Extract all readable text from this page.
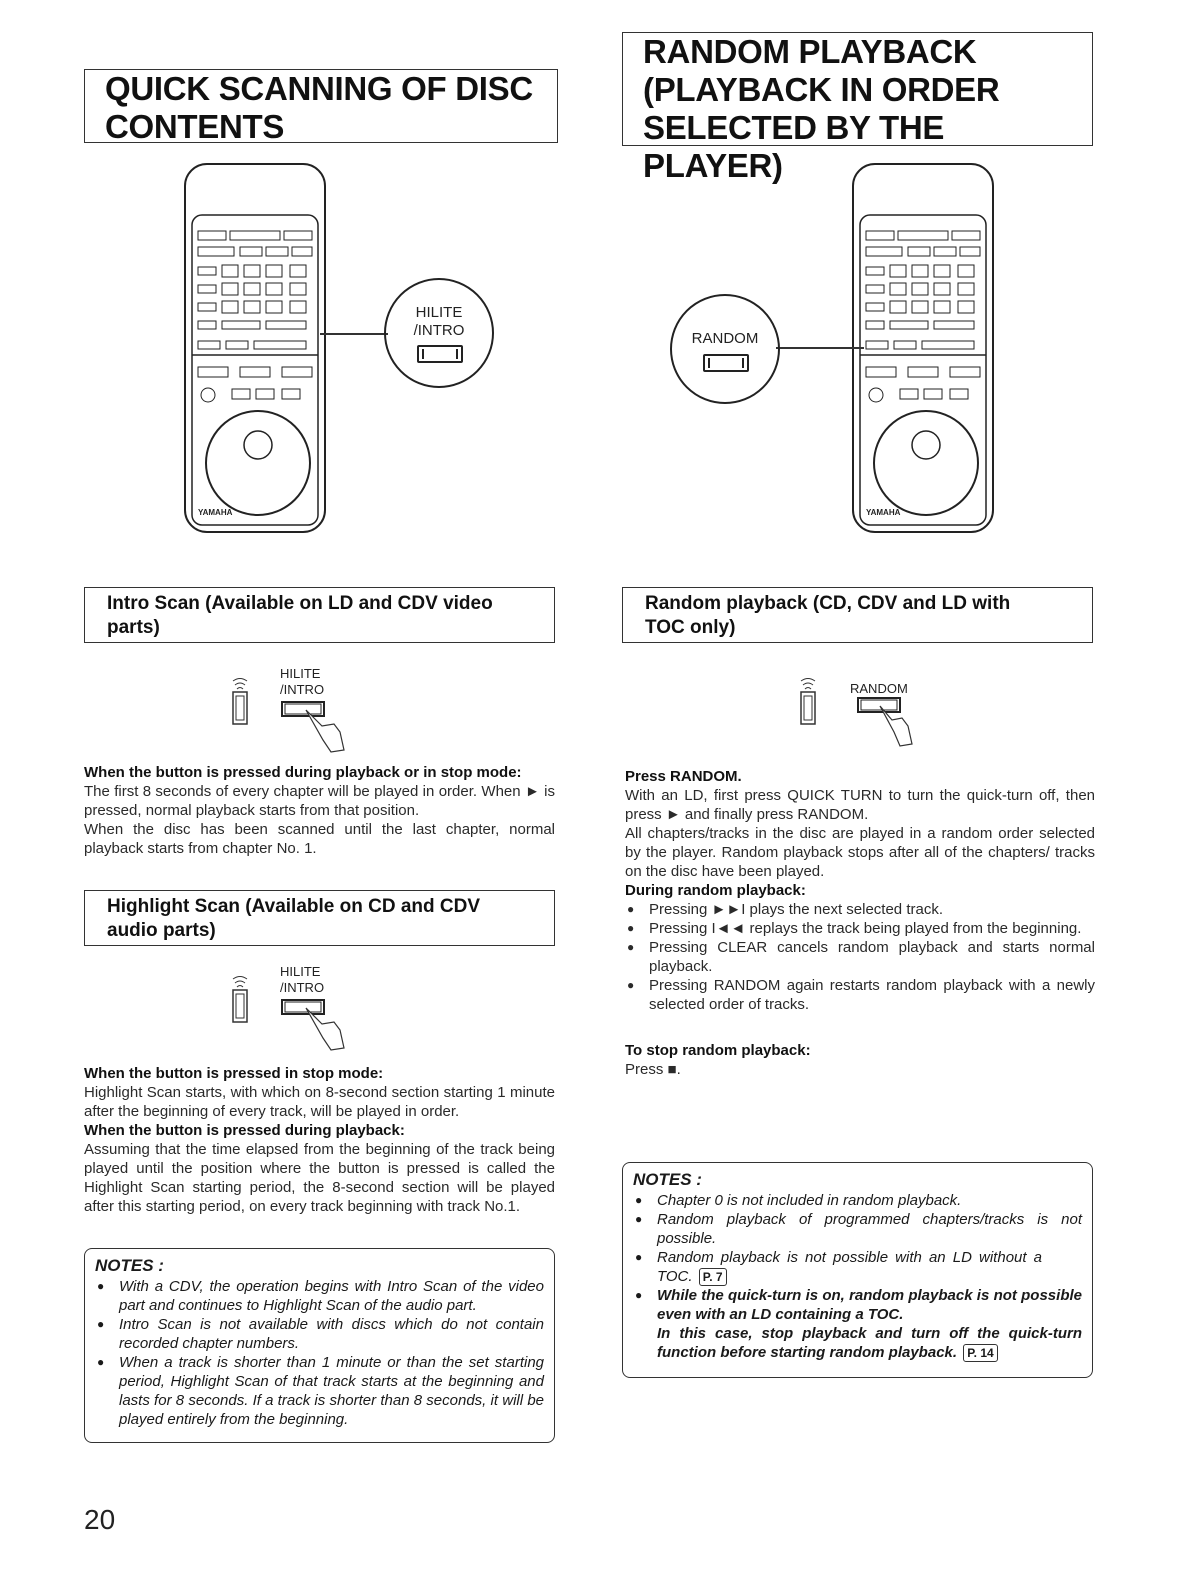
QUICK SCANNING OF DISC
CONTENTS
YAMAHA
HILITE
/INTRO
Intro Scan (Available on LD and CDV video
parts)
HILITE
/INTRO
When the button is pressed during playback or in stop mode:
The first 8 seconds of every chapter will be played in order. When ► is pressed, normal playback starts from that position.
When the disc has been scanned until the last chapter, normal playback starts from chapter No. 1.
Highlight Scan (Available on CD and CDV
audio parts)
HILITE
/INTRO
When the button is pressed in stop mode:
Highlight Scan starts, with which on 8-second section starting 1 minute after the beginning of every track, will be played in order.
When the button is pressed during playback:
Assuming that the time elapsed from the beginning of the track being played until the position where the button is pressed is called the Highlight Scan starting period, the 8-second section will be played after this starting period, on every track beginning with track No.1.
NOTES :
● With a CDV, the operation begins with Intro Scan of the video part and continues to Highlight Scan of the audio part.
● Intro Scan is not available with discs which do not contain recorded chapter numbers.
● When a track is shorter than 1 minute or than the set starting period, Highlight Scan of that track starts at the beginning and lasts for 8 seconds. If a track is shorter than 8 seconds, it will be played entirely from the beginning.
20
RANDOM PLAYBACK
(PLAYBACK IN ORDER
SELECTED BY THE PLAYER)
YAMAHA
RANDOM
Random playback (CD, CDV and LD with
TOC only)
RANDOM
Press RANDOM.
With an LD, first press QUICK TURN to turn the quick-turn off, then press ► and finally press RANDOM.
All chapters/tracks in the disc are played in a random order selected by the player. Random playback stops after all of the chapters/ tracks on the disc have been played.
During random playback:
● Pressing ►►I plays the next selected track.
● Pressing I◄◄ replays the track being played from the beginning.
● Pressing CLEAR cancels random playback and starts normal playback.
● Pressing RANDOM again restarts random playback with a newly selected order of tracks.
To stop random playback:
Press ■.
NOTES :
● Chapter 0 is not included in random playback.
● Random playback of programmed chapters/tracks is not possible.
● Random playback is not possible with an LD without a TOC. P. 7
● While the quick-turn is on, random playback is not possible even with an LD containing a TOC.
In this case, stop playback and turn off the quick-turn function before starting random playback. P. 14
